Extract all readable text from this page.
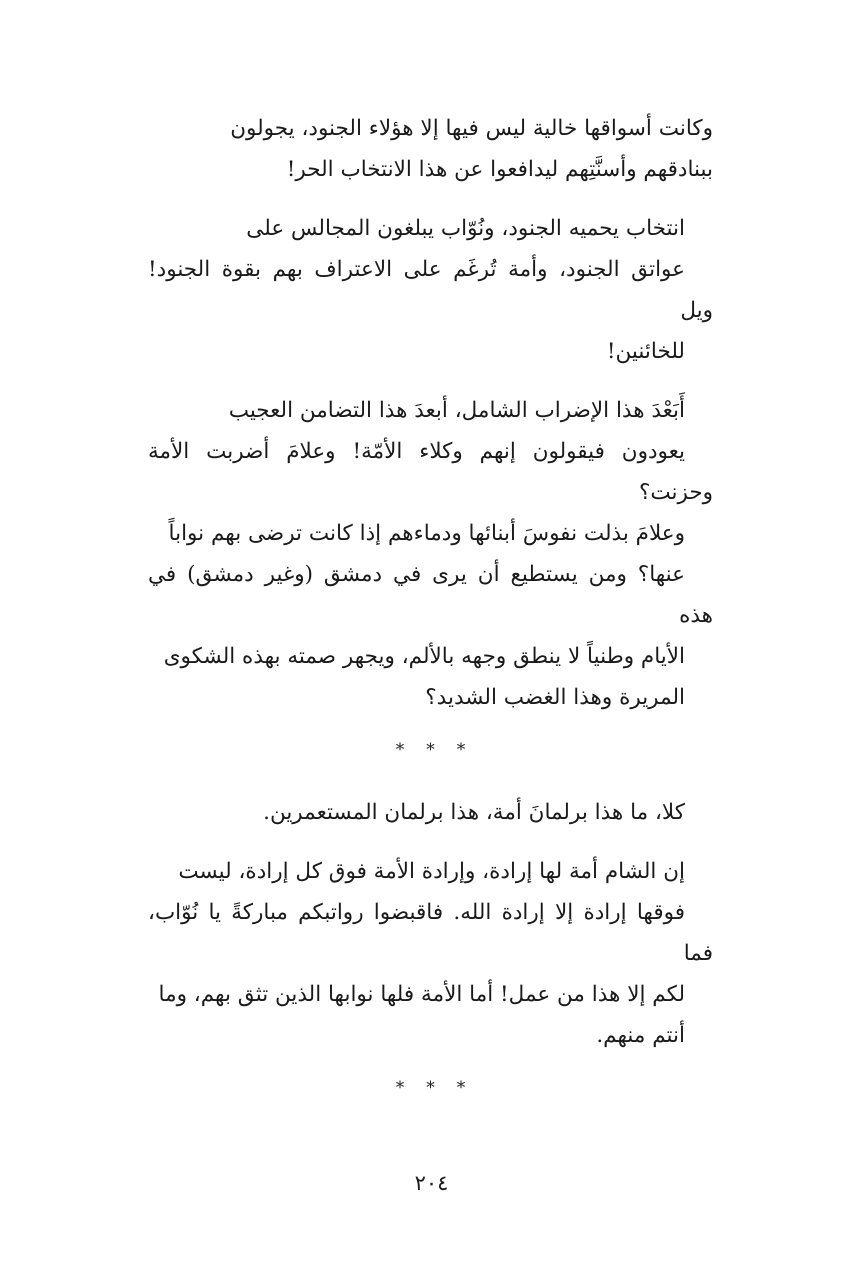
وكانت أسواقها خالية ليس فيها إلا هؤلاء الجنود، يجولون
ببنادقهم وأسنَّتِهم ليدافعوا عن هذا الانتخاب الحر!

انتخاب يحميه الجنود، ونُوّاب يبلغون المجالس على
عواتق الجنود، وأمة تُرغَم على الاعتراف بهم بقوة الجنود! ويل
للخائنين!

أَبَعْدَ هذا الإضراب الشامل، أبعدَ هذا التضامن العجيب
يعودون فيقولون إنهم وكلاء الأمّة! وعلامَ أضربت الأمة وحزنت؟
وعلامَ بذلت نفوسَ أبنائها ودماءهم إذا كانت ترضى بهم نواباً
عنها؟ ومن يستطيع أن يرى في دمشق (وغير دمشق) في هذه
الأيام وطنياً لا ينطق وجهه بالألم، ويجهر صمته بهذه الشكوى
المريرة وهذا الغضب الشديد؟

* * *

كلا، ما هذا برلمانَ أمة، هذا برلمان المستعمرين.

إن الشام أمة لها إرادة، وإرادة الأمة فوق كل إرادة، ليست
فوقها إرادة إلا إرادة الله. فاقبضوا رواتبكم مباركةً يا نُوّاب، فما
لكم إلا هذا من عمل! أما الأمة فلها نوابها الذين تثق بهم، وما
أنتم منهم.

* * *
٢٠٤
